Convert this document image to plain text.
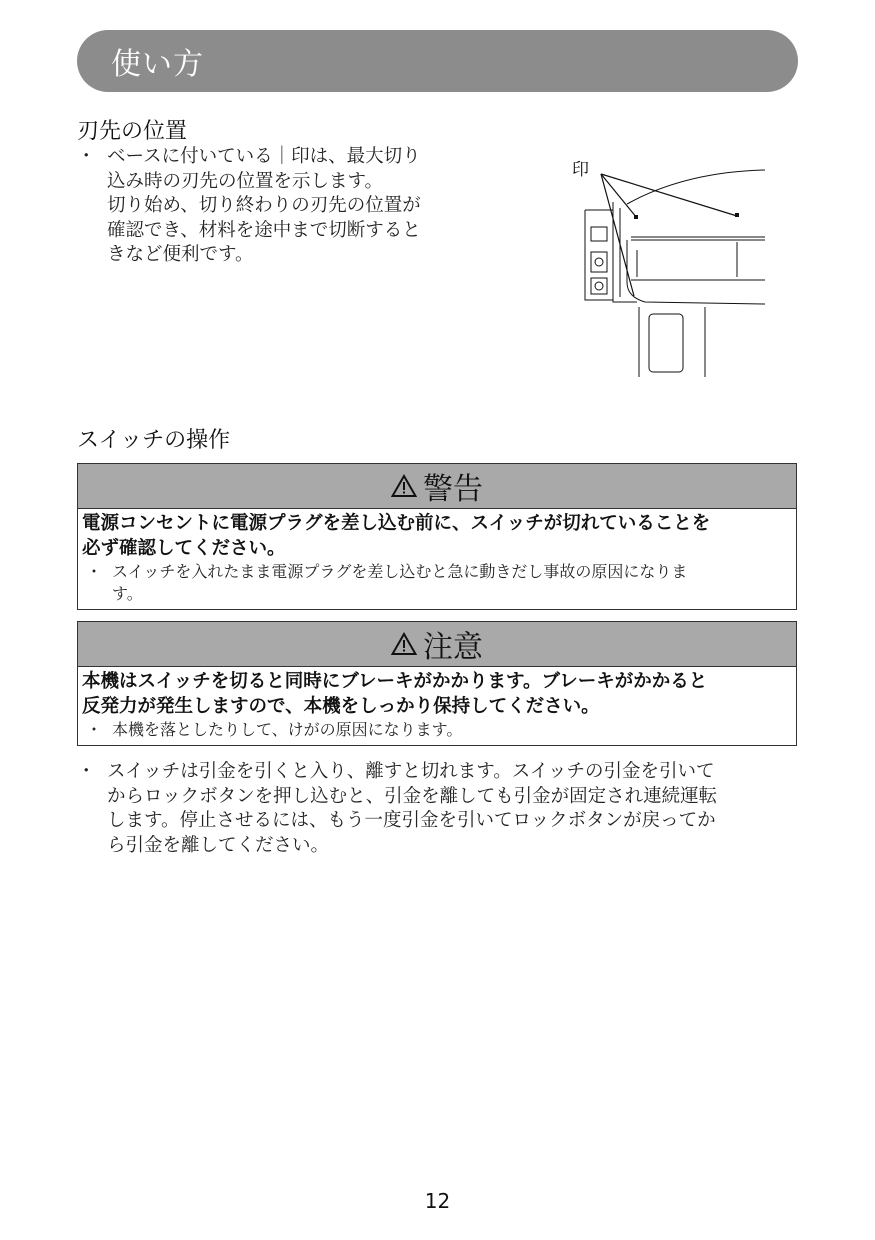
使い方
刃先の位置
・ ベースに付いている｜印は、最大切り
込み時の刃先の位置を示します。
切り始め、切り終わりの刃先の位置が
確認でき、材料を途中まで切断すると
きなど便利です。
印
スイッチの操作
警告
電源コンセントに電源プラグを差し込む前に、スイッチが切れていることを
必ず確認してください。
・ スイッチを入れたまま電源プラグを差し込むと急に動きだし事故の原因になりま
す。
注意
本機はスイッチを切ると同時にブレーキがかかります。ブレーキがかかると
反発力が発生しますので、本機をしっかり保持してください。
・ 本機を落としたりして、けがの原因になります。
・ スイッチは引金を引くと入り、離すと切れます。スイッチの引金を引いて
からロックボタンを押し込むと、引金を離しても引金が固定され連続運転
します。停止させるには、もう一度引金を引いてロックボタンが戻ってか
ら引金を離してください。
12
